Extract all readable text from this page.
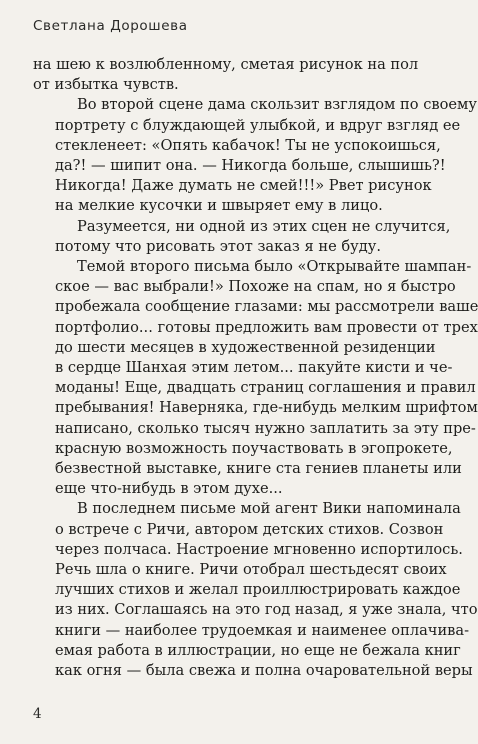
Светлана Дорошева

на шею к возлюбленному, сметая рисунок на пол
от избытка чувств.

Во второй сцене дама скользит взглядом по своему
портрету с блуждающей улыбкой, и вдруг взгляд ее
стекленеет: «Опять кабачок! Ты не успокоишься,
да?! — шипит она. — Никогда больше, слышишь?!
Никогда! Даже думать не смей!!!» Рвет рисунок
на мелкие кусочки и швыряет ему в лицо.

Разумеется, ни одной из этих сцен не случится,
потому что рисовать этот заказ я не буду.

Темой второго письма было «Открывайте шампан-
ское — вас выбрали!» Похоже на спам, но я быстро
пробежала сообщение глазами: мы рассмотрели ваше
портфолио... готовы предложить вам провести от трех
до шести месяцев в художественной резиденции
в сердце Шанхая этим летом... пакуйте кисти и че-
моданы! Еще, двадцать страниц соглашения и правил
пребывания! Наверняка, где-нибудь мелким шрифтом
написано, сколько тысяч нужно заплатить за эту пре-
красную возможность поучаствовать в эгопрокете,
безвестной выставке, книге ста гениев планеты или
еще что-нибудь в этом духе...

В последнем письме мой агент Вики напоминала
о встрече с Ричи, автором детских стихов. Созвон
через полчаса. Настроение мгновенно испортилось.
Речь шла о книге. Ричи отобрал шестьдесят своих
лучших стихов и желал проиллюстрировать каждое
из них. Соглашаясь на это год назад, я уже знала, что
книги — наиболее трудоемкая и наименее оплачива-
емая работа в иллюстрации, но еще не бежала книг
как огня — была свежа и полна очаровательной веры

4
